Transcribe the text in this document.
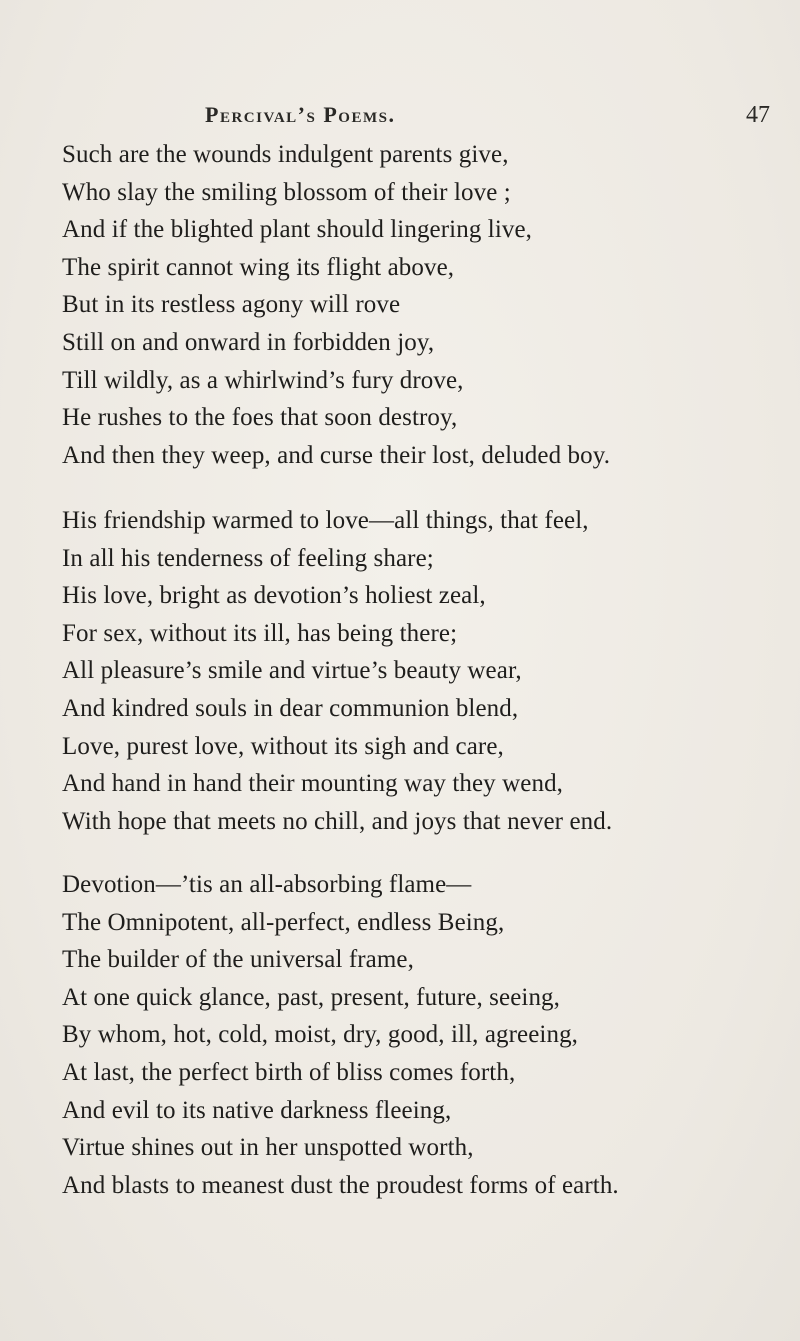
Percival’s Poems.	47
Such are the wounds indulgent parents give,
Who slay the smiling blossom of their love ;
And if the blighted plant should lingering live,
The spirit cannot wing its flight above,
But in its restless agony will rove
Still on and onward in forbidden joy,
Till wildly, as a whirlwind’s fury drove,
He rushes to the foes that soon destroy,
And then they weep, and curse their lost, deluded boy.
His friendship warmed to love—all things, that feel,
In all his tenderness of feeling share;
His love, bright as devotion’s holiest zeal,
For sex, without its ill, has being there;
All pleasure’s smile and virtue’s beauty wear,
And kindred souls in dear communion blend,
Love, purest love, without its sigh and care,
And hand in hand their mounting way they wend,
With hope that meets no chill, and joys that never end.
Devotion—’tis an all-absorbing flame—
The Omnipotent, all-perfect, endless Being,
The builder of the universal frame,
At one quick glance, past, present, future, seeing,
By whom, hot, cold, moist, dry, good, ill, agreeing,
At last, the perfect birth of bliss comes forth,
And evil to its native darkness fleeing,
Virtue shines out in her unspotted worth,
And blasts to meanest dust the proudest forms of earth.
